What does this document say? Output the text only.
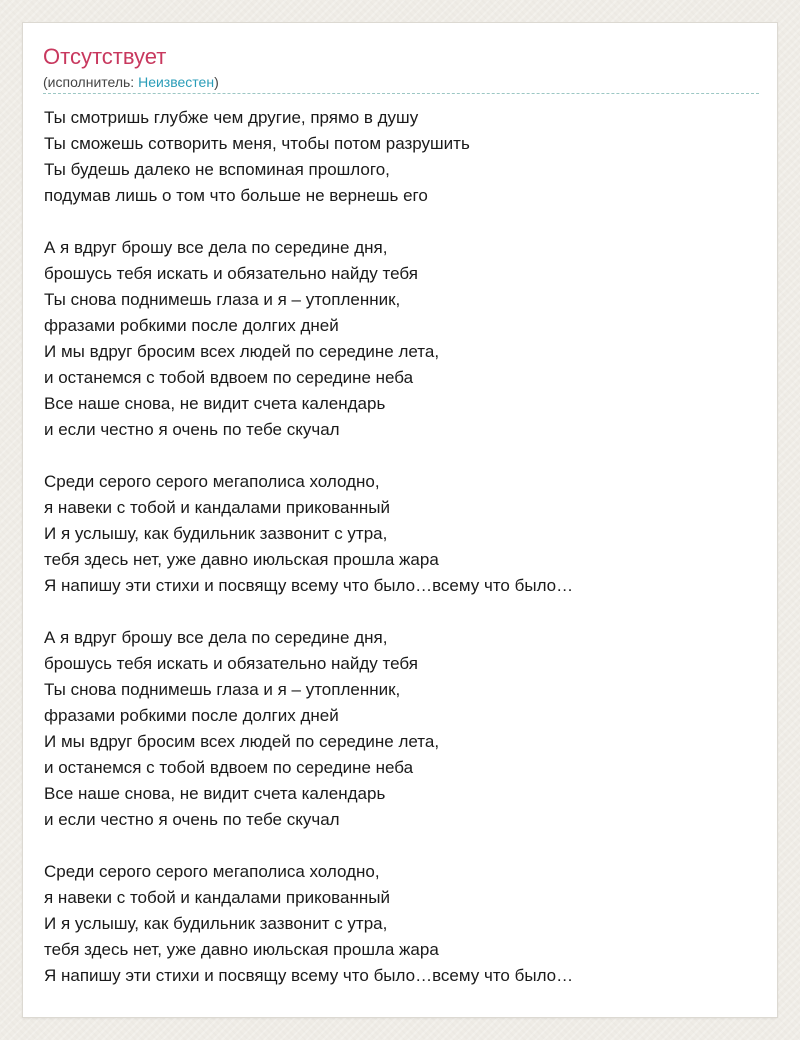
Отсутствует
(исполнитель: Неизвестен)
Ты смотришь глубже чем другие, прямо в душу
Ты сможешь сотворить меня, чтобы потом разрушить
Ты будешь далеко не вспоминая прошлого,
подумав лишь о том что больше не вернешь его
А я вдруг брошу все дела по середине дня,
брошусь тебя искать и обязательно найду тебя
Ты снова поднимешь глаза и я – утопленник,
фразами робкими после долгих дней
И мы вдруг бросим всех людей по середине лета,
и останемся с тобой вдвоем по середине неба
Все наше снова, не видит счета календарь
и если честно я очень по тебе скучал
Среди серого серого мегаполиса холодно,
я навеки с тобой и кандалами прикованный
И я услышу, как будильник зазвонит с утра,
тебя здесь нет, уже давно июльская прошла жара
Я напишу эти стихи и посвящу всему что было…всему что было…
А я вдруг брошу все дела по середине дня,
брошусь тебя искать и обязательно найду тебя
Ты снова поднимешь глаза и я – утопленник,
фразами робкими после долгих дней
И мы вдруг бросим всех людей по середине лета,
и останемся с тобой вдвоем по середине неба
Все наше снова, не видит счета календарь
и если честно я очень по тебе скучал
Среди серого серого мегаполиса холодно,
я навеки с тобой и кандалами прикованный
И я услышу, как будильник зазвонит с утра,
тебя здесь нет, уже давно июльская прошла жара
Я напишу эти стихи и посвящу всему что было…всему что было…
